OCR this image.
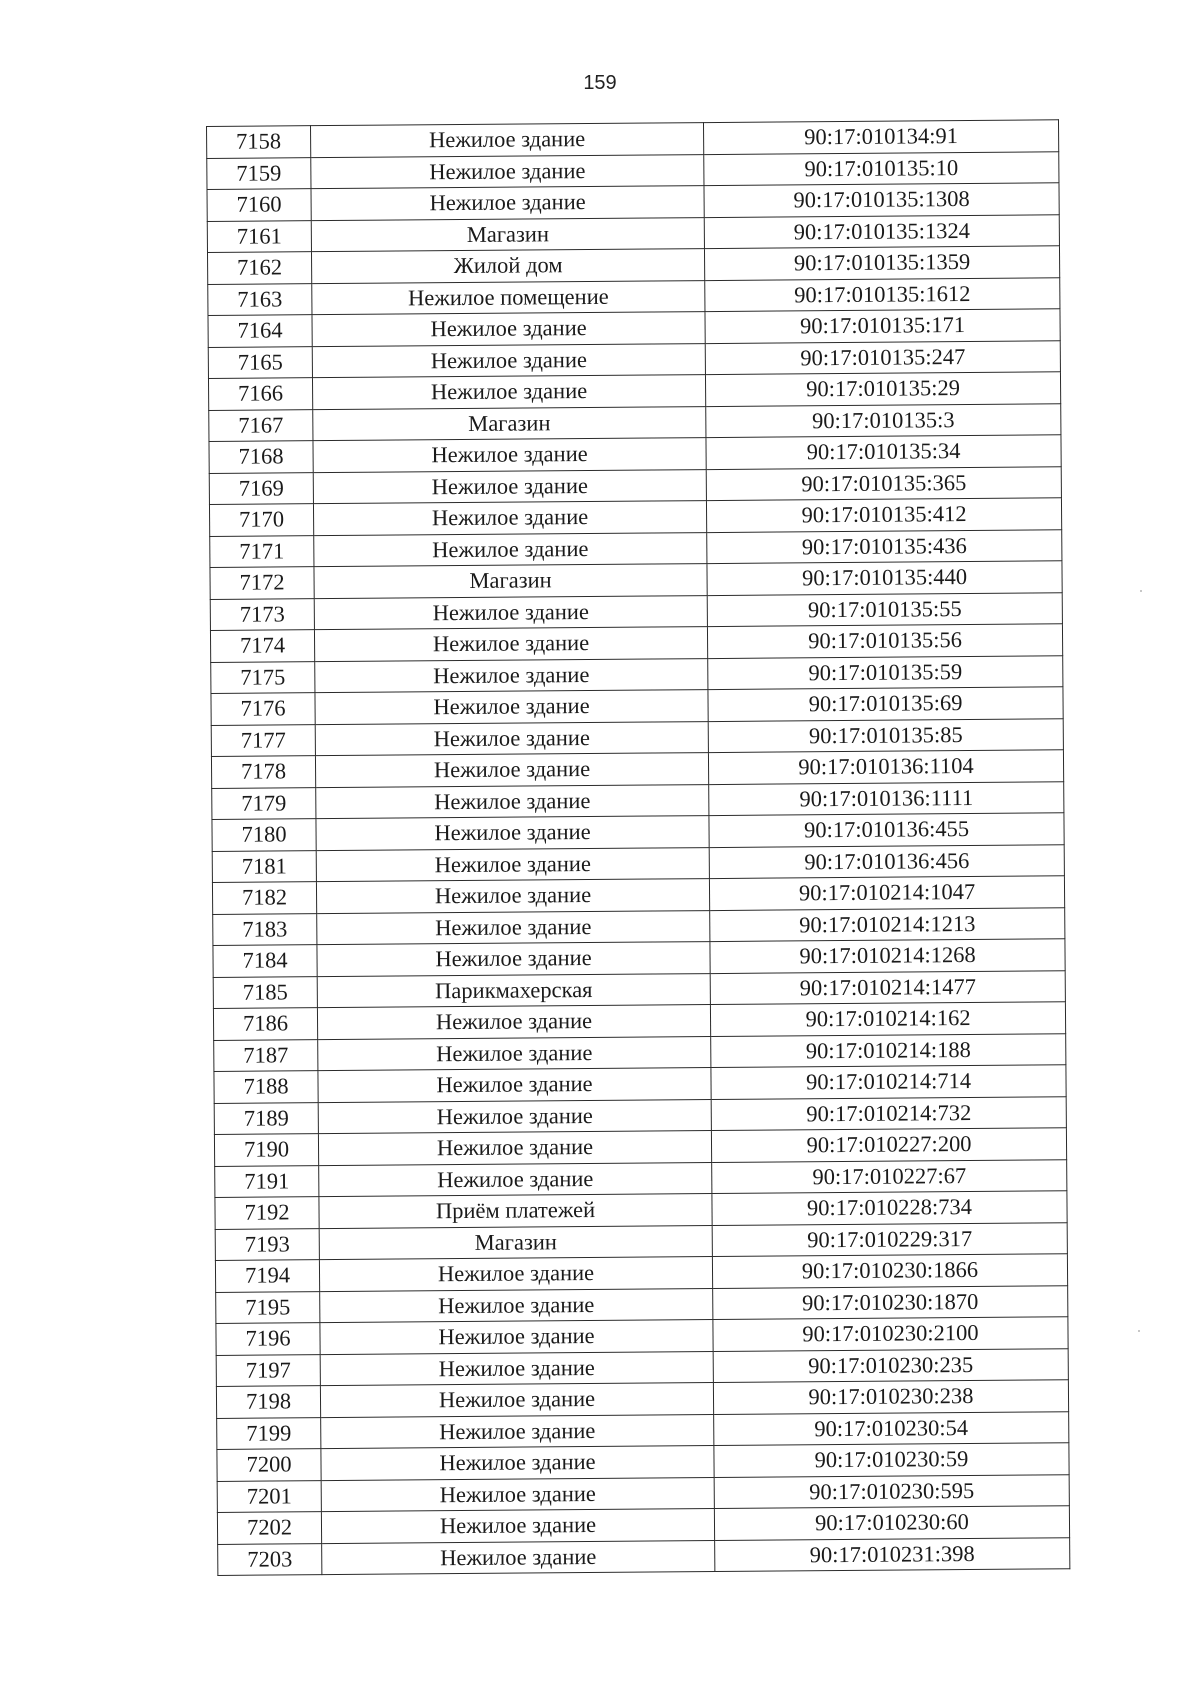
159
7158	Нежилое здание	90:17:010134:91
7159	Нежилое здание	90:17:010135:10
7160	Нежилое здание	90:17:010135:1308
7161	Магазин	90:17:010135:1324
7162	Жилой дом	90:17:010135:1359
7163	Нежилое помещение	90:17:010135:1612
7164	Нежилое здание	90:17:010135:171
7165	Нежилое здание	90:17:010135:247
7166	Нежилое здание	90:17:010135:29
7167	Магазин	90:17:010135:3
7168	Нежилое здание	90:17:010135:34
7169	Нежилое здание	90:17:010135:365
7170	Нежилое здание	90:17:010135:412
7171	Нежилое здание	90:17:010135:436
7172	Магазин	90:17:010135:440
7173	Нежилое здание	90:17:010135:55
7174	Нежилое здание	90:17:010135:56
7175	Нежилое здание	90:17:010135:59
7176	Нежилое здание	90:17:010135:69
7177	Нежилое здание	90:17:010135:85
7178	Нежилое здание	90:17:010136:1104
7179	Нежилое здание	90:17:010136:1111
7180	Нежилое здание	90:17:010136:455
7181	Нежилое здание	90:17:010136:456
7182	Нежилое здание	90:17:010214:1047
7183	Нежилое здание	90:17:010214:1213
7184	Нежилое здание	90:17:010214:1268
7185	Парикмахерская	90:17:010214:1477
7186	Нежилое здание	90:17:010214:162
7187	Нежилое здание	90:17:010214:188
7188	Нежилое здание	90:17:010214:714
7189	Нежилое здание	90:17:010214:732
7190	Нежилое здание	90:17:010227:200
7191	Нежилое здание	90:17:010227:67
7192	Приём платежей	90:17:010228:734
7193	Магазин	90:17:010229:317
7194	Нежилое здание	90:17:010230:1866
7195	Нежилое здание	90:17:010230:1870
7196	Нежилое здание	90:17:010230:2100
7197	Нежилое здание	90:17:010230:235
7198	Нежилое здание	90:17:010230:238
7199	Нежилое здание	90:17:010230:54
7200	Нежилое здание	90:17:010230:59
7201	Нежилое здание	90:17:010230:595
7202	Нежилое здание	90:17:010230:60
7203	Нежилое здание	90:17:010231:398
